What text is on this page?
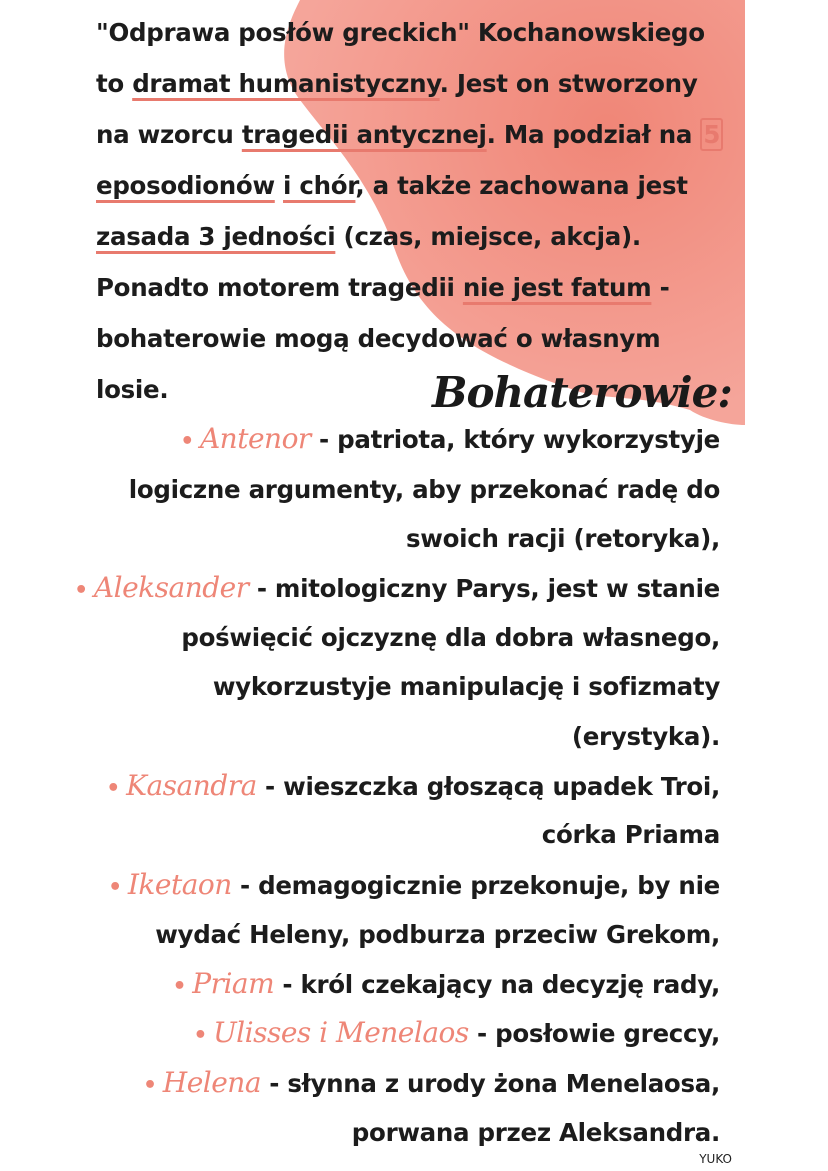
"Odprawa posłów greckich" Kochanowskiego

to dramat humanistyczny. Jest on stworzony

na wzorcu tragedii antycznej. Ma podział na 5

eposodionów i chór, a także zachowana jest

zasada 3 jedności (czas, miejsce, akcja).

Ponadto motorem tragedii nie jest fatum -

bohaterowie mogą decydować o własnym

losie.	Bohaterowie:

• Antenor - patriota, który wykorzystyje

logiczne argumenty, aby przekonać radę do

swoich racji (retoryka),

• Aleksander - mitologiczny Parys, jest w stanie

poświęcić ojczyznę dla dobra własnego,

wykorzustyje manipulację i sofizmaty

(erystyka).

• Kasandra - wieszczka głoszącą upadek Troi,

córka Priama

• Iketaon - demagogicznie przekonuje, by nie

wydać Heleny, podburza przeciw Grekom,

• Priam - król czekający na decyzję rady,

• Ulisses i Menelaos - posłowie greccy,

• Helena - słynna z urody żona Menelaosa,

porwana przez Aleksandra.

YUKO
